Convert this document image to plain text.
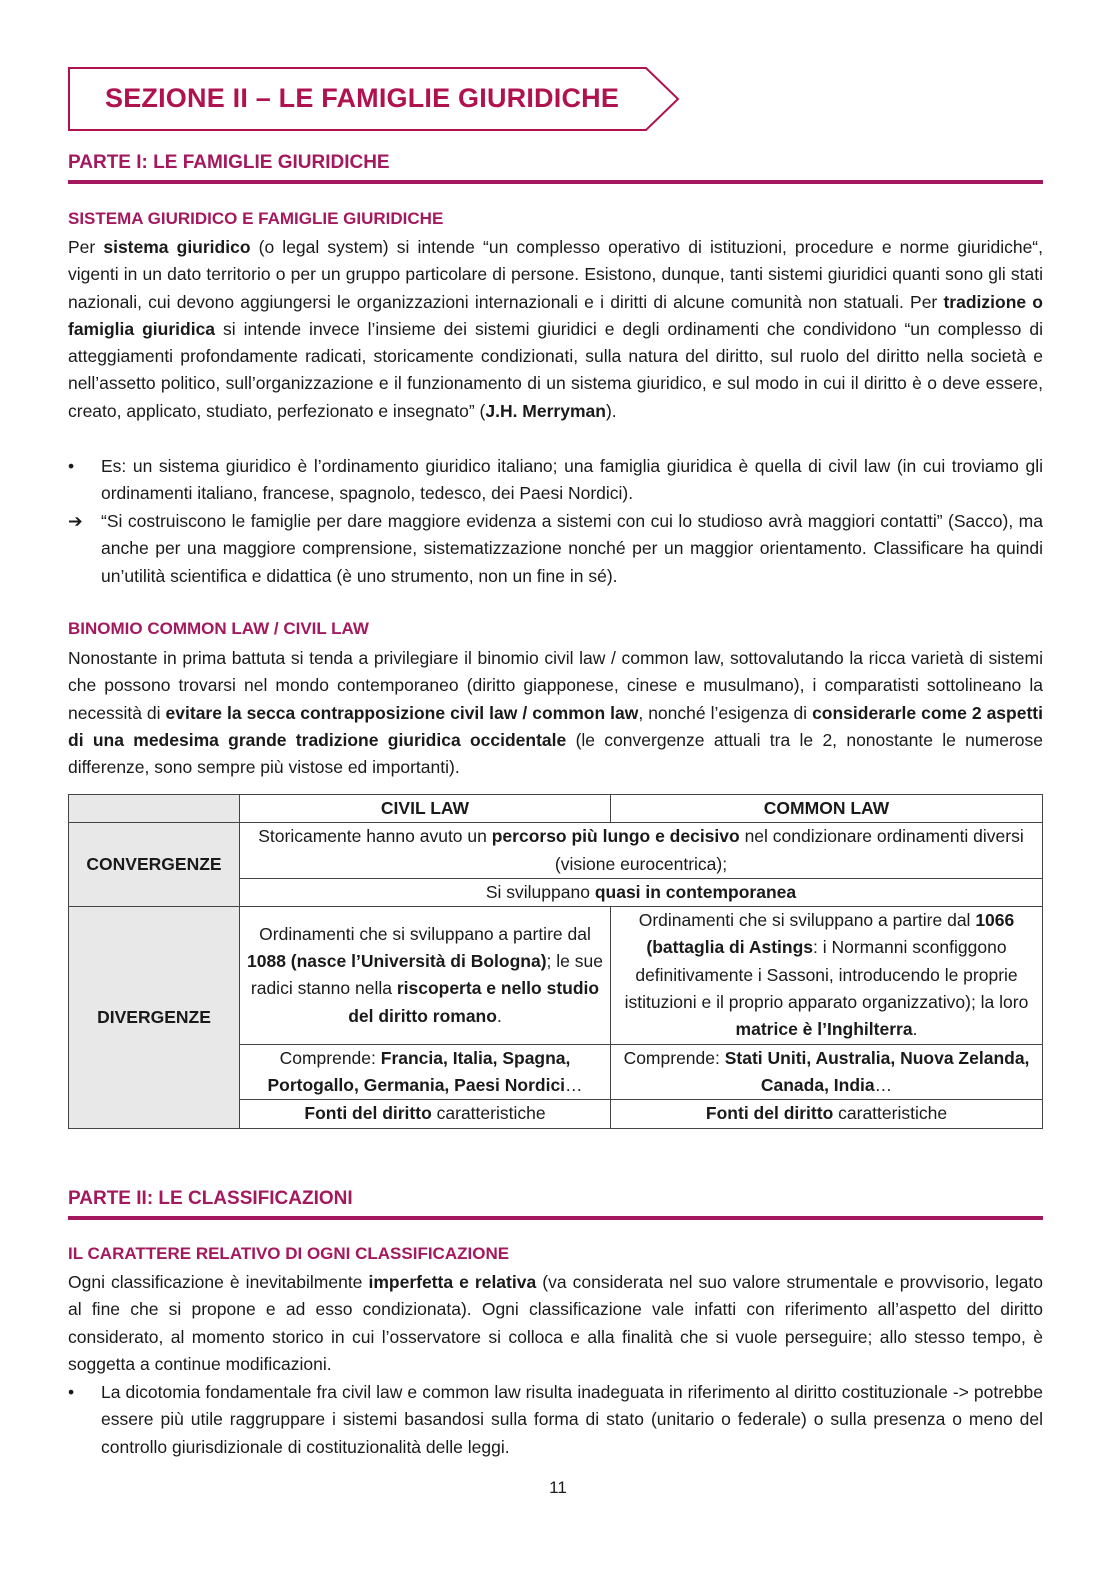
SEZIONE II – LE FAMIGLIE GIURIDICHE
PARTE I: LE FAMIGLIE GIURIDICHE
SISTEMA GIURIDICO E FAMIGLIE GIURIDICHE

Per sistema giuridico (o legal system) si intende “un complesso operativo di istituzioni, procedure e norme giuridiche“, vigenti in un dato territorio o per un gruppo particolare di persone. Esistono, dunque, tanti sistemi giuridici quanti sono gli stati nazionali, cui devono aggiungersi le organizzazioni internazionali e i diritti di alcune comunità non statuali. Per tradizione o famiglia giuridica si intende invece l’insieme dei sistemi giuridici e degli ordinamenti che condividono “un complesso di atteggiamenti profondamente radicati, storicamente condizionati, sulla natura del diritto, sul ruolo del diritto nella società e nell’assetto politico, sull’organizzazione e il funzionamento di un sistema giuridico, e sul modo in cui il diritto è o deve essere, creato, applicato, studiato, perfezionato e insegnato” (J.H. Merryman).

•	Es: un sistema giuridico è l’ordinamento giuridico italiano; una famiglia giuridica è quella di civil law (in cui troviamo gli ordinamenti italiano, francese, spagnolo, tedesco, dei Paesi Nordici).
➔	“Si costruiscono le famiglie per dare maggiore evidenza a sistemi con cui lo studioso avrà maggiori contatti” (Sacco), ma anche per una maggiore comprensione, sistematizzazione nonché per un maggior orientamento. Classificare ha quindi un’utilità scientifica e didattica (è uno strumento, non un fine in sé).
BINOMIO COMMON LAW / CIVIL LAW

Nonostante in prima battuta si tenda a privilegiare il binomio civil law / common law, sottovalutando la ricca varietà di sistemi che possono trovarsi nel mondo contemporaneo (diritto giapponese, cinese e musulmano), i comparatisti sottolineano la necessità di evitare la secca contrapposizione civil law / common law, nonché l’esigenza di considerarle come 2 aspetti di una medesima grande tradizione giuridica occidentale (le convergenze attuali tra le 2, nonostante le numerose differenze, sono sempre più vistose ed importanti).

	CIVIL LAW	COMMON LAW
CONVERGENZE	Storicamente hanno avuto un percorso più lungo e decisivo nel condizionare ordinamenti diversi (visione eurocentrica);	
	Si sviluppano quasi in contemporanea	
DIVERGENZE	Ordinamenti che si sviluppano a partire dal 1088 (nasce l’Università di Bologna); le sue radici stanno nella riscoperta e nello studio del diritto romano.	Ordinamenti che si sviluppano a partire dal 1066 (battaglia di Astings: i Normanni sconfiggono definitivamente i Sassoni, introducendo le proprie istituzioni e il proprio apparato organizzativo); la loro matrice è l’Inghilterra.
	Comprende: Francia, Italia, Spagna, Portogallo, Germania, Paesi Nordici…	Comprende: Stati Uniti, Australia, Nuova Zelanda, Canada, India…
	Fonti del diritto caratteristiche	Fonti del diritto caratteristiche
PARTE II: LE CLASSIFICAZIONI
IL CARATTERE RELATIVO DI OGNI CLASSIFICAZIONE

Ogni classificazione è inevitabilmente imperfetta e relativa (va considerata nel suo valore strumentale e provvisorio, legato al fine che si propone e ad esso condizionata). Ogni classificazione vale infatti con riferimento all’aspetto del diritto considerato, al momento storico in cui l’osservatore si colloca e alla finalità che si vuole perseguire; allo stesso tempo, è soggetta a continue modificazioni.

•	La dicotomia fondamentale fra civil law e common law risulta inadeguata in riferimento al diritto costituzionale -> potrebbe essere più utile raggruppare i sistemi basandosi sulla forma di stato (unitario o federale) o sulla presenza o meno del controllo giurisdizionale di costituzionalità delle leggi.
11
